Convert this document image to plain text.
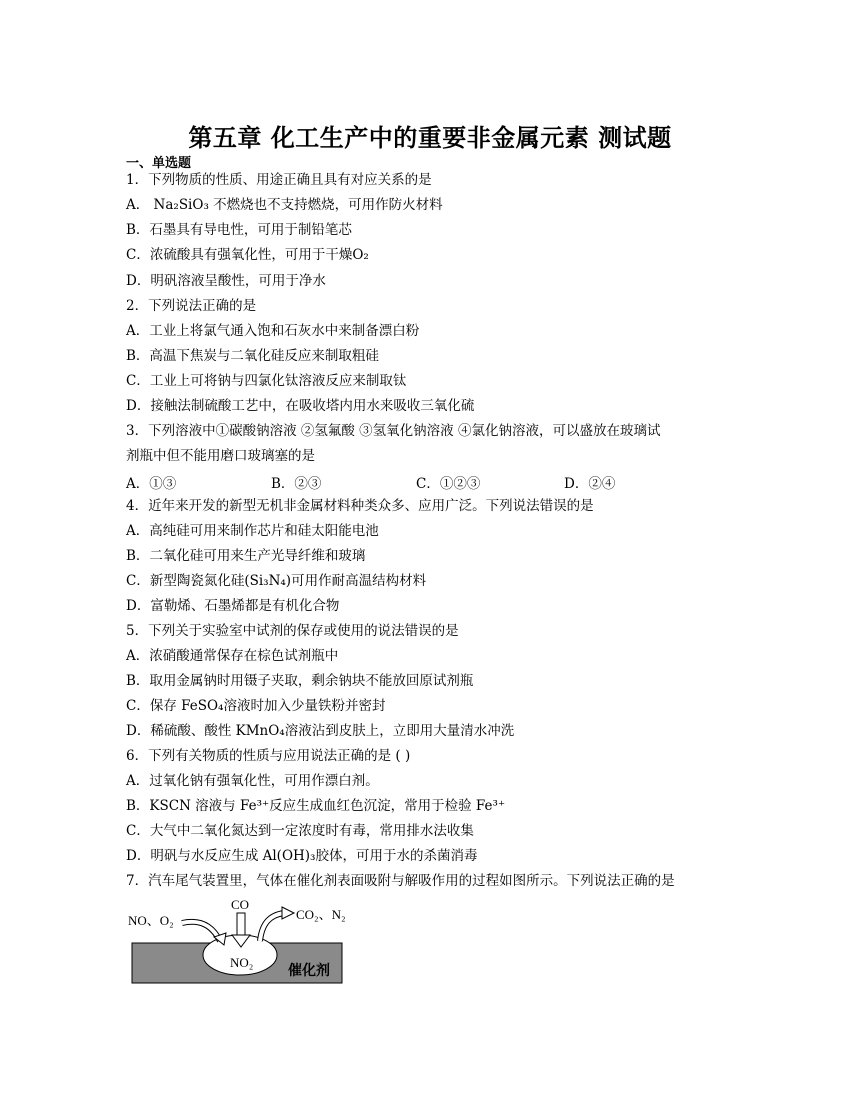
第五章 化工生产中的重要非金属元素 测试题
一、单选题
1．下列物质的性质、用途正确且具有对应关系的是
A． Na₂SiO₃ 不燃烧也不支持燃烧，可用作防火材料
B．石墨具有导电性，可用于制铅笔芯
C．浓硫酸具有强氧化性，可用于干燥O₂
D．明矾溶液呈酸性，可用于净水
2．下列说法正确的是
A．工业上将氯气通入饱和石灰水中来制备漂白粉
B．高温下焦炭与二氧化硅反应来制取粗硅
C．工业上可将钠与四氯化钛溶液反应来制取钛
D．接触法制硫酸工艺中，在吸收塔内用水来吸收三氧化硫
3．下列溶液中①碳酸钠溶液 ②氢氟酸 ③氢氧化钠溶液 ④氯化钠溶液，可以盛放在玻璃试
剂瓶中但不能用磨口玻璃塞的是
A．①③	B．②③	C．①②③	D．②④
4．近年来开发的新型无机非金属材料种类众多、应用广泛。下列说法错误的是
A．高纯硅可用来制作芯片和硅太阳能电池
B．二氧化硅可用来生产光导纤维和玻璃
C．新型陶瓷氮化硅(Si₃N₄)可用作耐高温结构材料
D．富勒烯、石墨烯都是有机化合物
5．下列关于实验室中试剂的保存或使用的说法错误的是
A．浓硝酸通常保存在棕色试剂瓶中
B．取用金属钠时用镊子夹取，剩余钠块不能放回原试剂瓶
C．保存 FeSO₄溶液时加入少量铁粉并密封
D．稀硫酸、酸性 KMnO₄溶液沾到皮肤上，立即用大量清水冲洗
6．下列有关物质的性质与应用说法正确的是 ( )
A．过氧化钠有强氧化性，可用作漂白剂。
B．KSCN 溶液与 Fe³⁺反应生成血红色沉淀，常用于检验 Fe³⁺
C．大气中二氧化氮达到一定浓度时有毒，常用排水法收集
D．明矾与水反应生成 Al(OH)₃胶体，可用于水的杀菌消毒
7．汽车尾气装置里，气体在催化剂表面吸附与解吸作用的过程如图所示。下列说法正确的是
NO、O₂
CO
CO₂、N₂
NO₂
催化剂
